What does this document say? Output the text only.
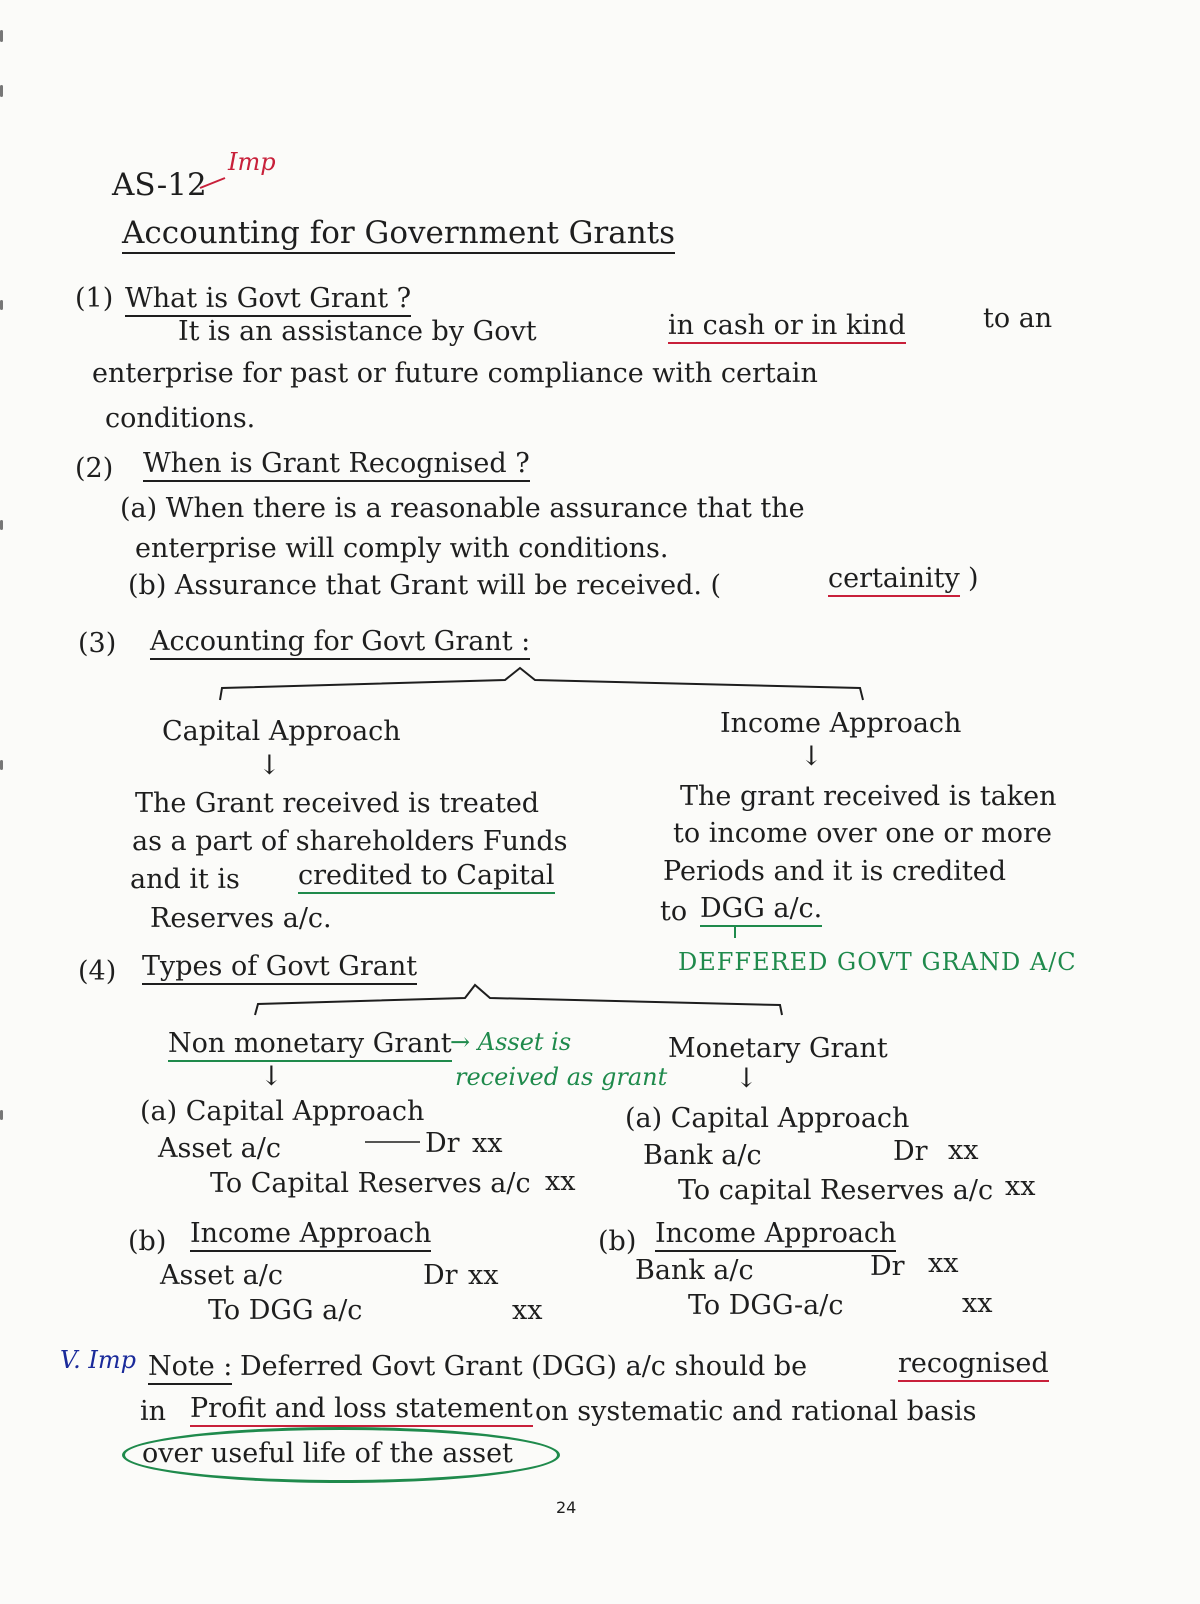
AS-12
Imp
Accounting for Government Grants
(1) What is Govt Grant ?
It is an assistance by Govt	in cash or in kind	to an
enterprise for past or future compliance with certain
conditions.
(2) When is Grant Recognised ?
(a) When there is a reasonable assurance that the
enterprise will comply with conditions.
(b) Assurance that Grant will be received. (	certainity )
(3) Accounting for Govt Grant :
Capital Approach
↓
The Grant received is treated
as a part of shareholders Funds
and it is credited to Capital
Reserves a/c.
Income Approach
↓
The grant received is taken
to income over one or more
Periods and it is credited
to DGG a/c.
DEFFERED GOVT GRAND A/C
(4) Types of Govt Grant
Non monetary Grant
→ Asset is
received as grant
↓
Monetary Grant
↓
(a) Capital Approach
Asset a/c	Dr xx
To Capital Reserves a/c xx
(a) Capital Approach
Bank a/c	Dr xx
To capital Reserves a/c xx
(b) Income Approach
Asset a/c	Dr xx
To DGG a/c	xx
(b) Income Approach
Bank a/c	Dr xx
To DGG-a/c	xx
V. Imp Note : Deferred Govt Grant (DGG) a/c should be	recognised
in Profit and loss statement on systematic and rational basis
over useful life of the asset
24
